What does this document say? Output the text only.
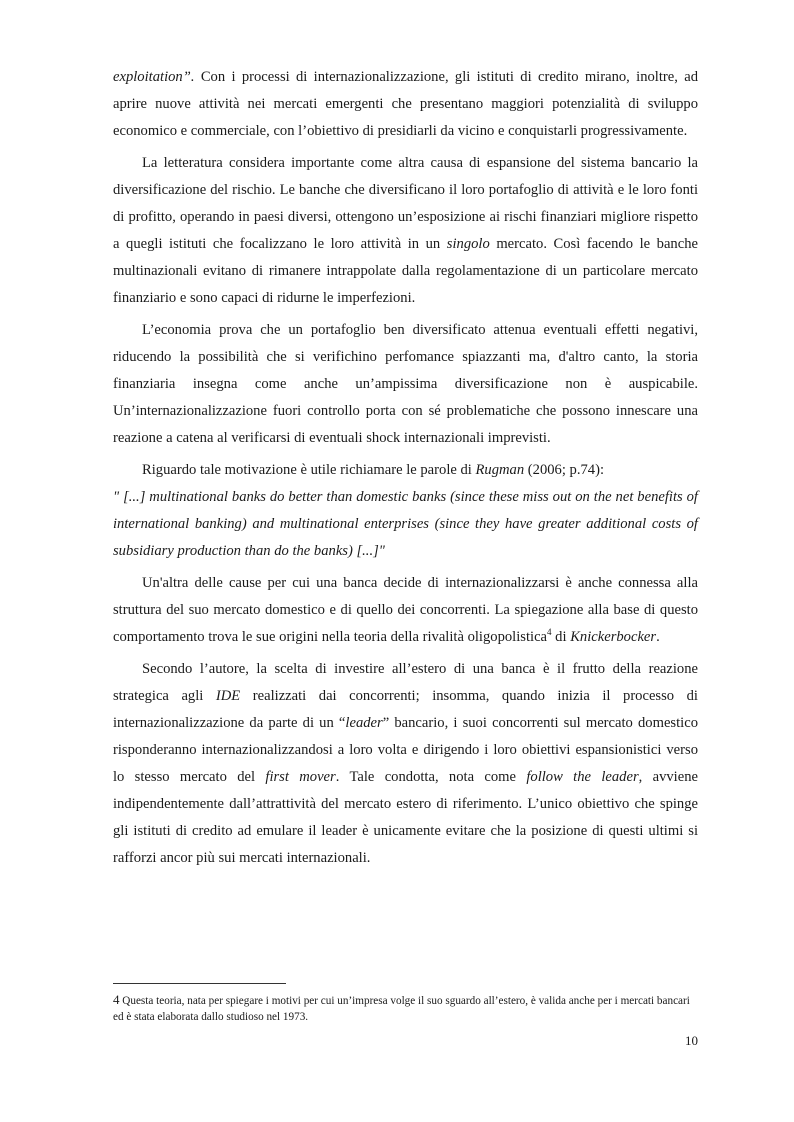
exploitation”. Con i processi di internazionalizzazione, gli istituti di credito mirano, inoltre, ad aprire nuove attività nei mercati emergenti che presentano maggiori potenzialità di sviluppo economico e commerciale, con l’obiettivo di presidiarli da vicino e conquistarli progressivamente.

La letteratura considera importante come altra causa di espansione del sistema bancario la diversificazione del rischio. Le banche che diversificano il loro portafoglio di attività e le loro fonti di profitto, operando in paesi diversi, ottengono un’esposizione ai rischi finanziari migliore rispetto a quegli istituti che focalizzano le loro attività in un singolo mercato. Così facendo le banche multinazionali evitano di rimanere intrappolate dalla regolamentazione di un particolare mercato finanziario e sono capaci di ridurne le imperfezioni.

L’economia prova che un portafoglio ben diversificato attenua eventuali effetti negativi, riducendo la possibilità che si verifichino perfomance spiazzanti ma, d'altro canto, la storia finanziaria insegna come anche un’ampissima diversificazione non è auspicabile. Un’internazionalizzazione fuori controllo porta con sé problematiche che possono innescare una reazione a catena al verificarsi di eventuali shock internazionali imprevisti.

Riguardo tale motivazione è utile richiamare le parole di Rugman (2006; p.74):

" [...] multinational banks do better than domestic banks (since these miss out on the net benefits of international banking) and multinational enterprises (since they have greater additional costs of subsidiary production than do the banks) [...]"

Un'altra delle cause per cui una banca decide di internazionalizzarsi è anche connessa alla struttura del suo mercato domestico e di quello dei concorrenti. La spiegazione alla base di questo comportamento trova le sue origini nella teoria della rivalità oligopolistica$^4$ di Knickerbocker.

Secondo l’autore, la scelta di investire all’estero di una banca è il frutto della reazione strategica agli IDE realizzati dai concorrenti; insomma, quando inizia il processo di internazionalizzazione da parte di un “leader” bancario, i suoi concorrenti sul mercato domestico risponderanno internazionalizzandosi a loro volta e dirigendo i loro obiettivi espansionistici verso lo stesso mercato del first mover. Tale condotta, nota come follow the leader, avviene indipendentemente dall’attrattività del mercato estero di riferimento. L’unico obiettivo che spinge gli istituti di credito ad emulare il leader è unicamente evitare che la posizione di questi ultimi si rafforzi ancor più sui mercati internazionali.

4 Questa teoria, nata per spiegare i motivi per cui un’impresa volge il suo sguardo all’estero, è valida anche per i mercati bancari ed è stata elaborata dallo studioso nel 1973.
10
